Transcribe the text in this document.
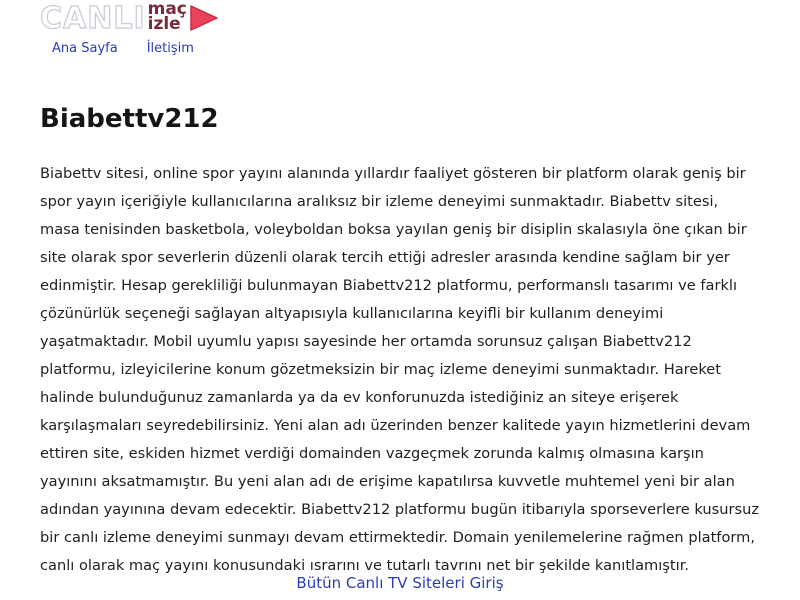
CANLI maç
izle
Ana Sayfa İletişim
Biabettv212

Biabettv sitesi, online spor yayını alanında yıllardır faaliyet gösteren bir platform olarak geniş bir spor yayın içeriğiyle kullanıcılarına aralıksız bir izleme deneyimi sunmaktadır. Biabettv sitesi, masa tenisinden basketbola, voleyboldan boksa yayılan geniş bir disiplin skalasıyla öne çıkan bir site olarak spor severlerin düzenli olarak tercih ettiği adresler arasında kendine sağlam bir yer edinmiştir. Hesap gerekliliği bulunmayan Biabettv212 platformu, performanslı tasarımı ve farklı çözünürlük seçeneği sağlayan altyapısıyla kullanıcılarına keyifli bir kullanım deneyimi yaşatmaktadır. Mobil uyumlu yapısı sayesinde her ortamda sorunsuz çalışan Biabettv212 platformu, izleyicilerine konum gözetmeksizin bir maç izleme deneyimi sunmaktadır. Hareket halinde bulunduğunuz zamanlarda ya da ev konforunuzda istediğiniz an siteye erişerek karşılaşmaları seyredebilirsiniz. Yeni alan adı üzerinden benzer kalitede yayın hizmetlerini devam ettiren site, eskiden hizmet verdiği domainden vazgeçmek zorunda kalmış olmasına karşın yayınını aksatmamıştır. Bu yeni alan adı de erişime kapatılırsa kuvvetle muhtemel yeni bir alan adından yayınına devam edecektir. Biabettv212 platformu bugün itibarıyla sporseverlere kusursuz bir canlı izleme deneyimi sunmayı devam ettirmektedir. Domain yenilemelerine rağmen platform, canlı olarak maç yayını konusundaki ısrarını ve tutarlı tavrını net bir şekilde kanıtlamıştır.

Bütün Canlı TV Siteleri Giriş
